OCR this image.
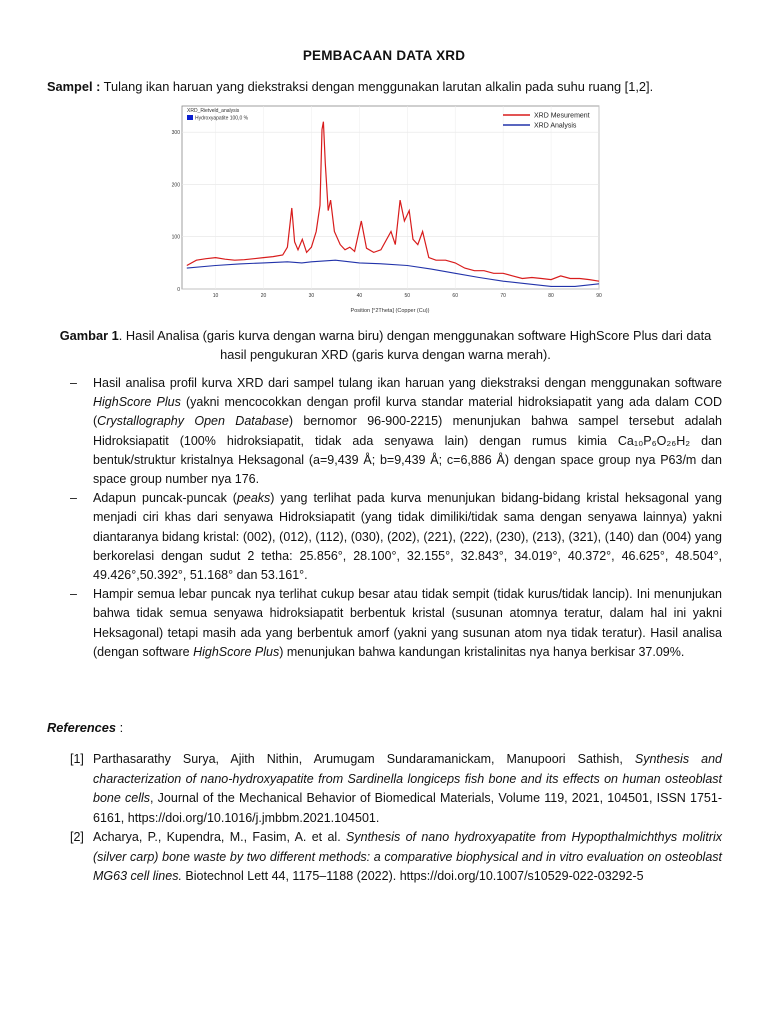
PEMBACAAN DATA XRD
Sampel : Tulang ikan haruan yang diekstraksi dengan menggunakan larutan alkalin pada suhu ruang [1,2].
0
100
200
300
10	20	30	40	50	60	70	80	90
XRD_Rietveld_analysis
Hydroxyapatite 100,0 %	XRD Mesurement
XRD Analysis
Position [°2Theta] (Copper (Cu))
Gambar 1. Hasil Analisa (garis kurva dengan warna biru) dengan menggunakan software HighScore Plus dari data hasil pengukuran XRD (garis kurva dengan warna merah).
– Hasil analisa profil kurva XRD dari sampel tulang ikan haruan yang diekstraksi dengan menggunakan software HighScore Plus (yakni mencocokkan dengan profil kurva standar material hidroksiapatit yang ada dalam COD (Crystallography Open Database) bernomor 96-900-2215) menunjukan bahwa sampel tersebut adalah Hidroksiapatit (100% hidroksiapatit, tidak ada senyawa lain) dengan rumus kimia Ca₁₀P₆O₂₆H₂ dan bentuk/struktur kristalnya Heksagonal (a=9,439 Å; b=9,439 Å; c=6,886 Å) dengan space group nya P63/m dan space group number nya 176.
– Adapun puncak-puncak (peaks) yang terlihat pada kurva menunjukan bidang-bidang kristal heksagonal yang menjadi ciri khas dari senyawa Hidroksiapatit (yang tidak dimiliki/tidak sama dengan senyawa lainnya) yakni diantaranya bidang kristal: (002), (012), (112), (030), (202), (221), (222), (230), (213), (321), (140) dan (004) yang berkorelasi dengan sudut 2 tetha: 25.856°, 28.100°, 32.155°, 32.843°, 34.019°, 40.372°, 46.625°, 48.504°, 49.426°,50.392°, 51.168° dan 53.161°.
– Hampir semua lebar puncak nya terlihat cukup besar atau tidak sempit (tidak kurus/tidak lancip). Ini menunjukan bahwa tidak semua senyawa hidroksiapatit berbentuk kristal (susunan atomnya teratur, dalam hal ini yakni Heksagonal) tetapi masih ada yang berbentuk amorf (yakni yang susunan atom nya tidak teratur). Hasil analisa (dengan software HighScore Plus) menunjukan bahwa kandungan kristalinitas nya hanya berkisar 37.09%.
References :
[1] Parthasarathy Surya, Ajith Nithin, Arumugam Sundaramanickam, Manupoori Sathish, Synthesis and characterization of nano-hydroxyapatite from Sardinella longiceps fish bone and its effects on human osteoblast bone cells, Journal of the Mechanical Behavior of Biomedical Materials, Volume 119, 2021, 104501, ISSN 1751-6161, https://doi.org/10.1016/j.jmbbm.2021.104501.
[2] Acharya, P., Kupendra, M., Fasim, A. et al. Synthesis of nano hydroxyapatite from Hypopthalmichthys molitrix (silver carp) bone waste by two different methods: a comparative biophysical and in vitro evaluation on osteoblast MG63 cell lines. Biotechnol Lett 44, 1175–1188 (2022). https://doi.org/10.1007/s10529-022-03292-5
